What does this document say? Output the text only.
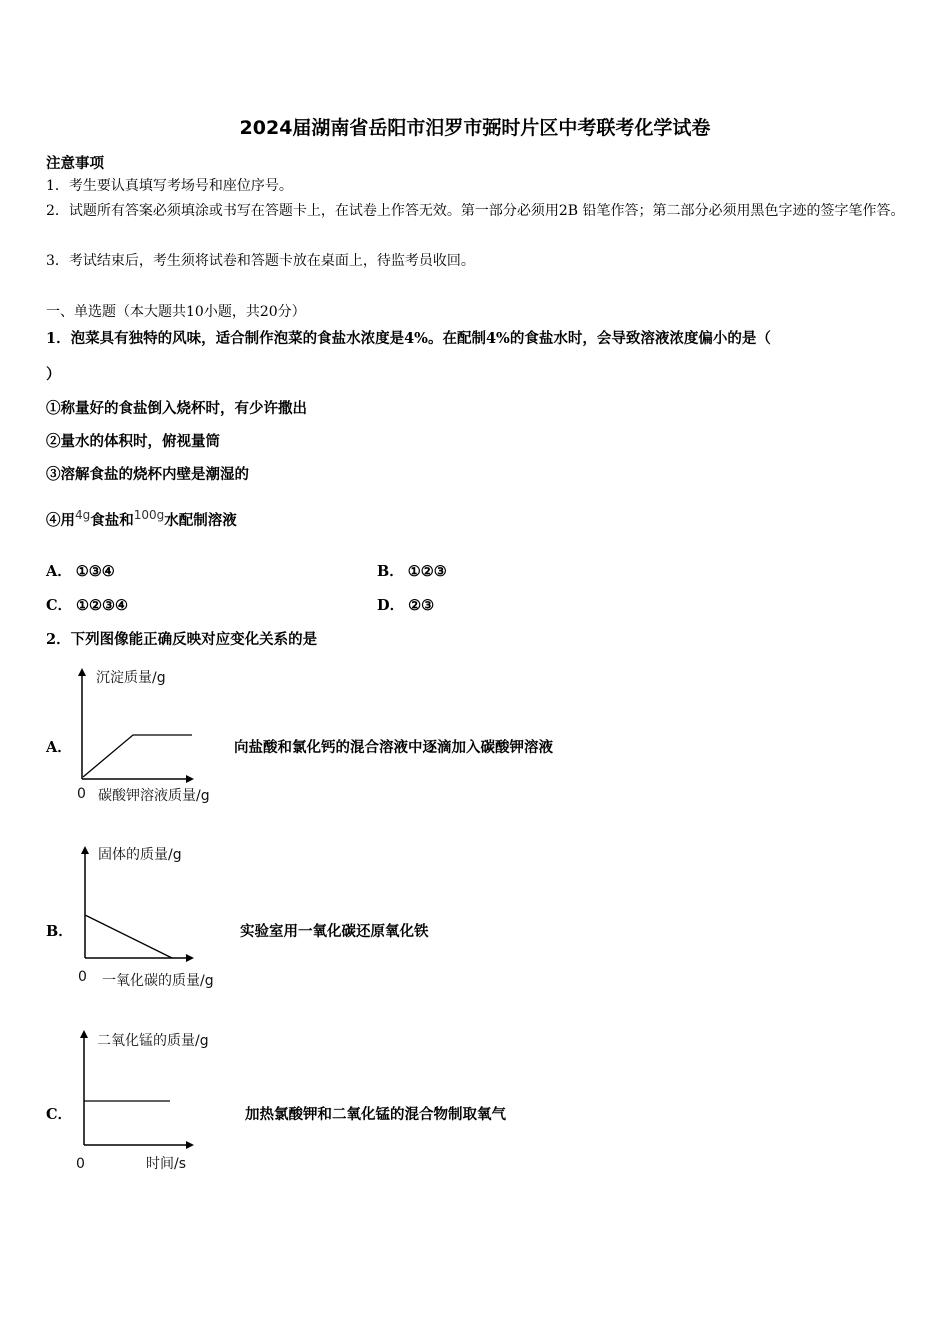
2024届湖南省岳阳市汨罗市弼时片区中考联考化学试卷
注意事项
1．考生要认真填写考场号和座位序号。
2．试题所有答案必须填涂或书写在答题卡上，在试卷上作答无效。第一部分必须用2B 铅笔作答；第二部分必须用黑色字迹的签字笔作答。
3．考试结束后，考生须将试卷和答题卡放在桌面上，待监考员收回。
一、单选题（本大题共10小题，共20分）
1．泡菜具有独特的风味，适合制作泡菜的食盐水浓度是4%。在配制4%的食盐水时，会导致溶液浓度偏小的是（
）
①称量好的食盐倒入烧杯时，有少许撒出
②量水的体积时，俯视量筒
③溶解食盐的烧杯内壁是潮湿的
④用$^{4g}$食盐和$^{100g}$水配制溶液
A． ①③④	B． ①②③
C． ①②③④	D． ②③
2．下列图像能正确反映对应变化关系的是
A．
沉淀质量/g
0 碳酸钾溶液质量/g
向盐酸和氯化钙的混合溶液中逐滴加入碳酸钾溶液
B．
固体的质量/g
0 一氧化碳的质量/g
实验室用一氧化碳还原氧化铁
C．
二氧化锰的质量/g
0	时间/s
加热氯酸钾和二氧化锰的混合物制取氧气
